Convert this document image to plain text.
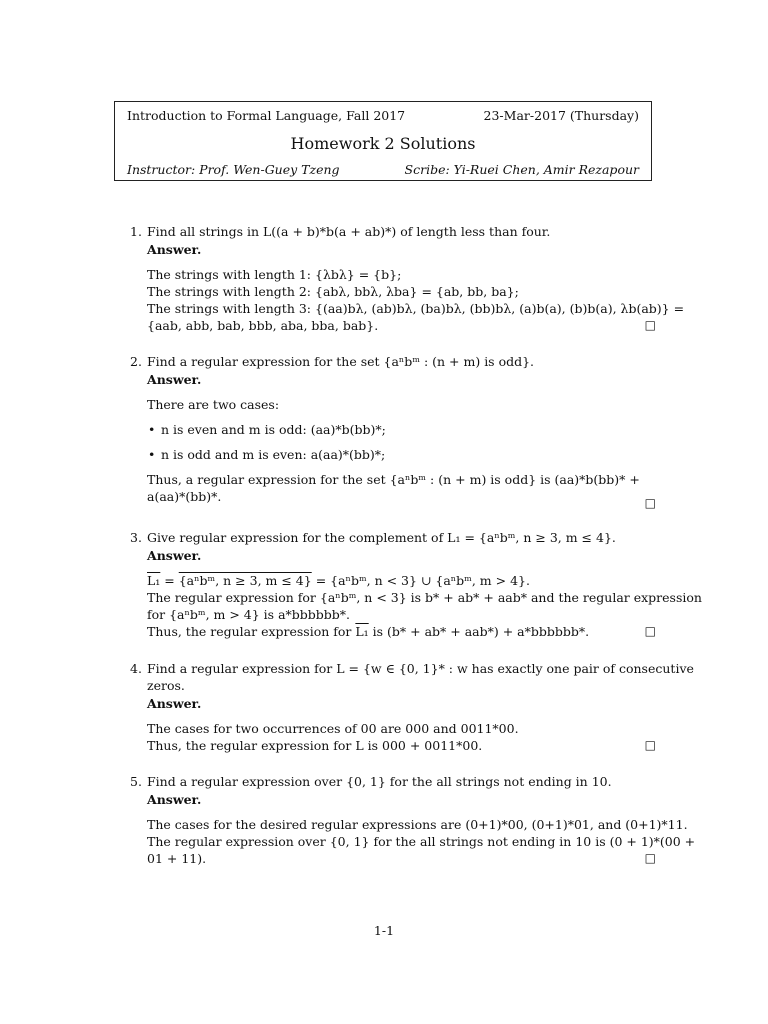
Introduction to Formal Language, Fall 2017	23-Mar-2017 (Thursday)
Homework 2 Solutions
Instructor: Prof. Wen-Guey Tzeng	Scribe: Yi-Ruei Chen, Amir Rezapour
1. Find all strings in L((a + b)*b(a + ab)*) of length less than four.
Answer.
The strings with length 1: {λbλ} = {b};
The strings with length 2: {abλ, bbλ, λba} = {ab, bb, ba};
The strings with length 3: {(aa)bλ, (ab)bλ, (ba)bλ, (bb)bλ, (a)b(a), (b)b(a), λb(ab)} =
{aab, abb, bab, bbb, aba, bba, bab}.	□
2. Find a regular expression for the set {aⁿbᵐ : (n + m) is odd}.
Answer.
There are two cases:
• n is even and m is odd: (aa)*b(bb)*;
• n is odd and m is even: a(aa)*(bb)*;
Thus, a regular expression for the set {aⁿbᵐ : (n + m) is odd} is (aa)*b(bb)* +
a(aa)*(bb)*.	□
3. Give regular expression for the complement of L₁ = {aⁿbᵐ, n ≥ 3, m ≤ 4}.
Answer.
L₁ = {aⁿbᵐ, n ≥ 3, m ≤ 4} = {aⁿbᵐ, n < 3} ∪ {aⁿbᵐ, m > 4}.
The regular expression for {aⁿbᵐ, n < 3} is b* + ab* + aab* and the regular expression
for {aⁿbᵐ, m > 4} is a*bbbbbb*.
Thus, the regular expression for L₁ is (b* + ab* + aab*) + a*bbbbbb*.	□
4. Find a regular expression for L = {w ∈ {0, 1}* : w has exactly one pair of consecutive
zeros.
Answer.
The cases for two occurrences of 00 are 000 and 0011*00.
Thus, the regular expression for L is 000 + 0011*00.	□
5. Find a regular expression over {0, 1} for the all strings not ending in 10.
Answer.
The cases for the desired regular expressions are (0+1)*00, (0+1)*01, and (0+1)*11.
The regular expression over {0, 1} for the all strings not ending in 10 is (0 + 1)*(00 +
01 + 11).	□
1-1
